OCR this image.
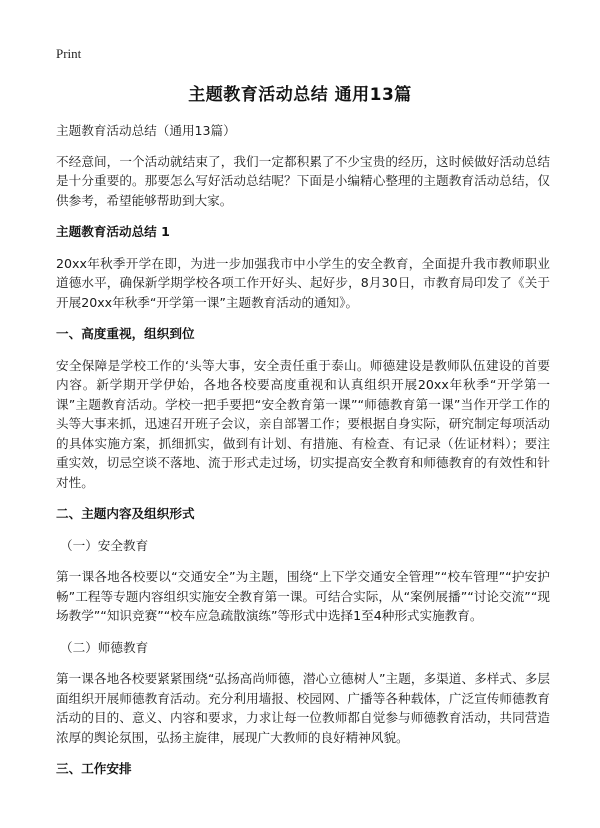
Print
主题教育活动总结 通用13篇

主题教育活动总结（通用13篇）

不经意间，一个活动就结束了，我们一定都积累了不少宝贵的经历，这时候做好活动总结是十分重要的。那要怎么写好活动总结呢？下面是小编精心整理的主题教育活动总结，仅供参考，希望能够帮助到大家。

主题教育活动总结 1

20xx年秋季开学在即，为进一步加强我市中小学生的安全教育，全面提升我市教师职业道德水平，确保新学期学校各项工作开好头、起好步，8月30日，市教育局印发了《关于开展20xx年秋季“开学第一课”主题教育活动的通知》。

一、高度重视，组织到位

安全保障是学校工作的‘头等大事，安全责任重于泰山。师德建设是教师队伍建设的首要内容。新学期开学伊始，各地各校要高度重视和认真组织开展20xx年秋季“开学第一课”主题教育活动。学校一把手要把“安全教育第一课”“师德教育第一课”当作开学工作的头等大事来抓，迅速召开班子会议，亲自部署工作；要根据自身实际，研究制定每项活动的具体实施方案，抓细抓实，做到有计划、有措施、有检查、有记录（佐证材料）；要注重实效，切忌空谈不落地、流于形式走过场，切实提高安全教育和师德教育的有效性和针对性。

二、主题内容及组织形式

（一）安全教育

第一课各地各校要以“交通安全”为主题，围绕“上下学交通安全管理”“校车管理”“护安护畅”工程等专题内容组织实施安全教育第一课。可结合实际，从“案例展播”“讨论交流”“现场教学”“知识竞赛”“校车应急疏散演练”等形式中选择1至4种形式实施教育。

（二）师德教育

第一课各地各校要紧紧围绕“弘扬高尚师德，潜心立德树人”主题，多渠道、多样式、多层面组织开展师德教育活动。充分利用墙报、校园网、广播等各种载体，广泛宣传师德教育活动的目的、意义、内容和要求，力求让每一位教师都自觉参与师德教育活动，共同营造浓厚的舆论氛围，弘扬主旋律，展现广大教师的良好精神风貌。

三、工作安排
